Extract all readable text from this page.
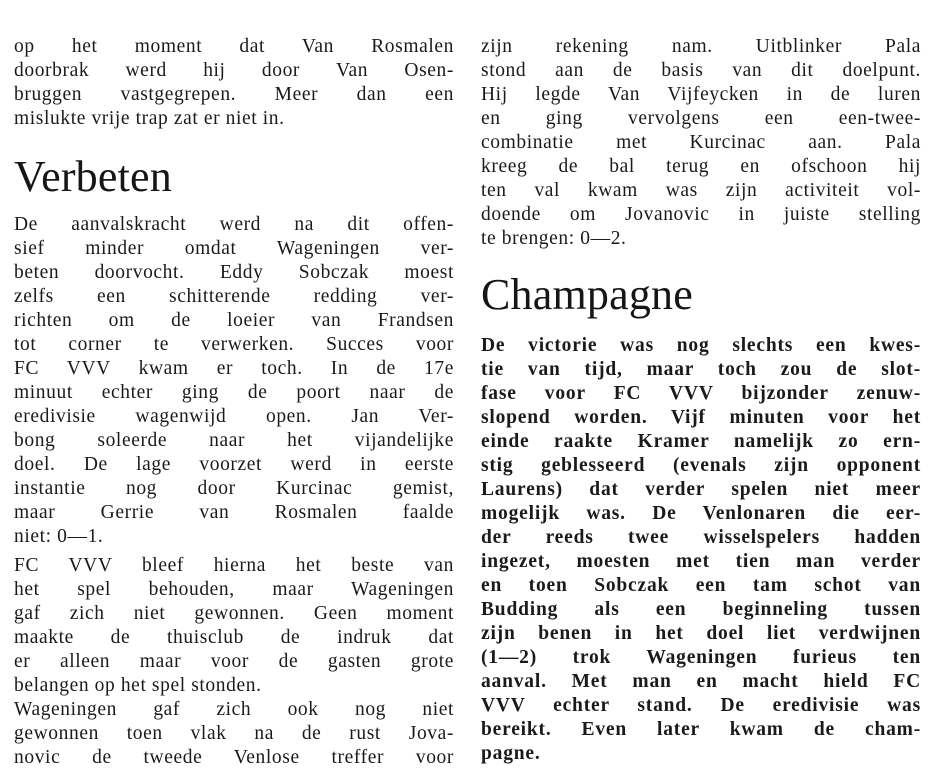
op het moment dat Van Rosmalen
doorbrak werd hij door Van Osen-
bruggen vastgegrepen. Meer dan een
mislukte vrije trap zat er niet in.
Verbeten
De aanvalskracht werd na dit offen-
sief minder omdat Wageningen ver-
beten doorvocht. Eddy Sobczak moest
zelfs een schitterende redding ver-
richten om de loeier van Frandsen
tot corner te verwerken. Succes voor
FC VVV kwam er toch. In de 17e
minuut echter ging de poort naar de
eredivisie wagenwijd open. Jan Ver-
bong soleerde naar het vijandelijke
doel. De lage voorzet werd in eerste
instantie nog door Kurcinac gemist,
maar Gerrie van Rosmalen faalde
niet: 0—1.
FC VVV bleef hierna het beste van
het spel behouden, maar Wageningen
gaf zich niet gewonnen. Geen moment
maakte de thuisclub de indruk dat
er alleen maar voor de gasten grote
belangen op het spel stonden.
Wageningen gaf zich ook nog niet
gewonnen toen vlak na de rust Jova-
novic de tweede Venlose treffer voor
zijn rekening nam. Uitblinker Pala
stond aan de basis van dit doelpunt.
Hij legde Van Vijfeycken in de luren
en ging vervolgens een een-twee-
combinatie met Kurcinac aan. Pala
kreeg de bal terug en ofschoon hij
ten val kwam was zijn activiteit vol-
doende om Jovanovic in juiste stelling
te brengen: 0—2.
Champagne
De victorie was nog slechts een kwes-
tie van tijd, maar toch zou de slot-
fase voor FC VVV bijzonder zenuw-
slopend worden. Vijf minuten voor het
einde raakte Kramer namelijk zo ern-
stig geblesseerd (evenals zijn opponent
Laurens) dat verder spelen niet meer
mogelijk was. De Venlonaren die eer-
der reeds twee wisselspelers hadden
ingezet, moesten met tien man verder
en toen Sobczak een tam schot van
Budding als een beginneling tussen
zijn benen in het doel liet verdwijnen
(1—2) trok Wageningen furieus ten
aanval. Met man en macht hield FC
VVV echter stand. De eredivisie was
bereikt. Even later kwam de cham-
pagne.
